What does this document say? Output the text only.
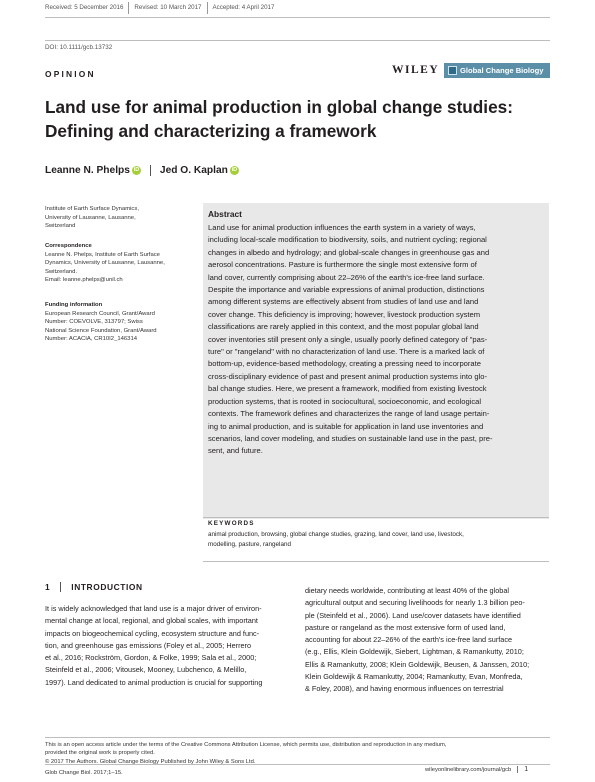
Received: 5 December 2016	Revised: 10 March 2017	Accepted: 4 April 2017
DOI: 10.1111/gcb.13732
OPINION	WILEY	Global Change Biology
Land use for animal production in global change studies:
Defining and characterizing a framework
Leanne N. Phelps iD Jed O. Kaplan iD
Institute of Earth Surface Dynamics,
University of Lausanne, Lausanne,
Switzerland
Correspondence
Leanne N. Phelps, Institute of Earth Surface
Dynamics, University of Lausanne, Lausanne,
Switzerland.
Email: leanne.phelps@unil.ch
Funding information
European Research Council, Grant/Award
Number: COEVOLVE, 313797; Swiss
National Science Foundation, Grant/Award
Number: ACACIA, CR10I2_146314
Abstract
Land use for animal production influences the earth system in a variety of ways,
including local-scale modification to biodiversity, soils, and nutrient cycling; regional
changes in albedo and hydrology; and global-scale changes in greenhouse gas and
aerosol concentrations. Pasture is furthermore the single most extensive form of
land cover, currently comprising about 22–26% of the earth's ice-free land surface.
Despite the importance and variable expressions of animal production, distinctions
among different systems are effectively absent from studies of land use and land
cover change. This deficiency is improving; however, livestock production system
classifications are rarely applied in this context, and the most popular global land
cover inventories still present only a single, usually poorly defined category of "pas-
ture" or "rangeland" with no characterization of land use. There is a marked lack of
bottom-up, evidence-based methodology, creating a pressing need to incorporate
cross-disciplinary evidence of past and present animal production systems into glo-
bal change studies. Here, we present a framework, modified from existing livestock
production systems, that is rooted in sociocultural, socioeconomic, and ecological
contexts. The framework defines and characterizes the range of land usage pertain-
ing to animal production, and is suitable for application in land use inventories and
scenarios, land cover modeling, and studies on sustainable land use in the past, pre-
sent, and future.
KEYWORDS
animal production, browsing, global change studies, grazing, land cover, land use, livestock,
modelling, pasture, rangeland
1	INTRODUCTION
It is widely acknowledged that land use is a major driver of environ-
mental change at local, regional, and global scales, with important
impacts on biogeochemical cycling, ecosystem structure and func-
tion, and greenhouse gas emissions (Foley et al., 2005; Herrero
et al., 2016; Rockström, Gordon, & Folke, 1999; Sala et al., 2000;
Steinfeld et al., 2006; Vitousek, Mooney, Lubchenco, & Melillo,
1997). Land dedicated to animal production is crucial for supporting
dietary needs worldwide, contributing at least 40% of the global
agricultural output and securing livelihoods for nearly 1.3 billion peo-
ple (Steinfeld et al., 2006). Land use/cover datasets have identified
pasture or rangeland as the most extensive form of used land,
accounting for about 22–26% of the earth's ice-free land surface
(e.g., Ellis, Klein Goldewijk, Siebert, Lightman, & Ramankutty, 2010;
Ellis & Ramankutty, 2008; Klein Goldewijk, Beusen, & Janssen, 2010;
Klein Goldewijk & Ramankutty, 2004; Ramankutty, Evan, Monfreda,
& Foley, 2008), and having enormous influences on terrestrial
This is an open access article under the terms of the Creative Commons Attribution License, which permits use, distribution and reproduction in any medium,
provided the original work is properly cited.
© 2017 The Authors. Global Change Biology Published by John Wiley & Sons Ltd.
Glob Change Biol. 2017;1–15.
wileyonlinelibrary.com/journal/gcb	1
